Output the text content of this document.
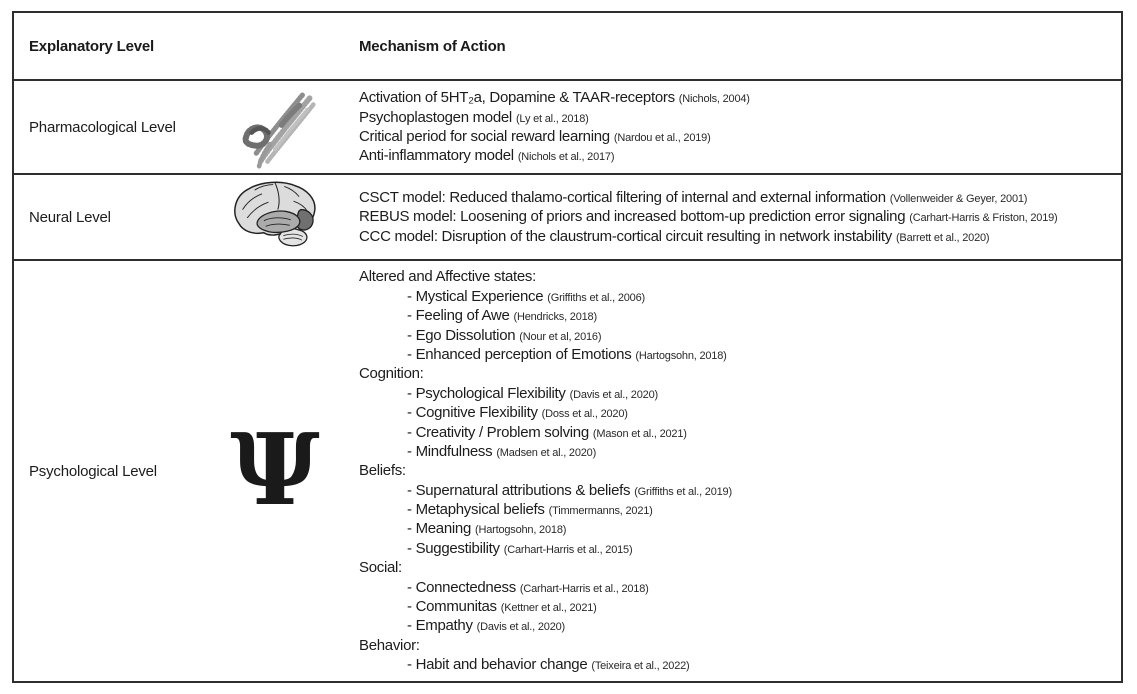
Explanatory Level	Mechanism of Action
Pharmacological Level
Activation of 5HT₂a, Dopamine & TAAR-receptors (Nichols, 2004)
Psychoplastogen model (Ly et al., 2018)
Critical period for social reward learning (Nardou et al., 2019)
Anti-inflammatory model (Nichols et al., 2017)
Neural Level
CSCT model: Reduced thalamo-cortical filtering of internal and external information (Vollenweider & Geyer, 2001)
REBUS model: Loosening of priors and increased bottom-up prediction error signaling (Carhart-Harris & Friston, 2019)
CCC model: Disruption of the claustrum-cortical circuit resulting in network instability (Barrett et al., 2020)
Psychological Level Ψ
Altered and Affective states:
- Mystical Experience (Griffiths et al., 2006)
- Feeling of Awe (Hendricks, 2018)
- Ego Dissolution (Nour et al, 2016)
- Enhanced perception of Emotions (Hartogsohn, 2018)
Cognition:
- Psychological Flexibility (Davis et al., 2020)
- Cognitive Flexibility (Doss et al., 2020)
- Creativity / Problem solving (Mason et al., 2021)
- Mindfulness (Madsen et al., 2020)
Beliefs:
- Supernatural attributions & beliefs (Griffiths et al., 2019)
- Metaphysical beliefs (Timmermanns, 2021)
- Meaning (Hartogsohn, 2018)
- Suggestibility (Carhart-Harris et al., 2015)
Social:
- Connectedness (Carhart-Harris et al., 2018)
- Communitas (Kettner et al., 2021)
- Empathy (Davis et al., 2020)
Behavior:
- Habit and behavior change (Teixeira et al., 2022)
